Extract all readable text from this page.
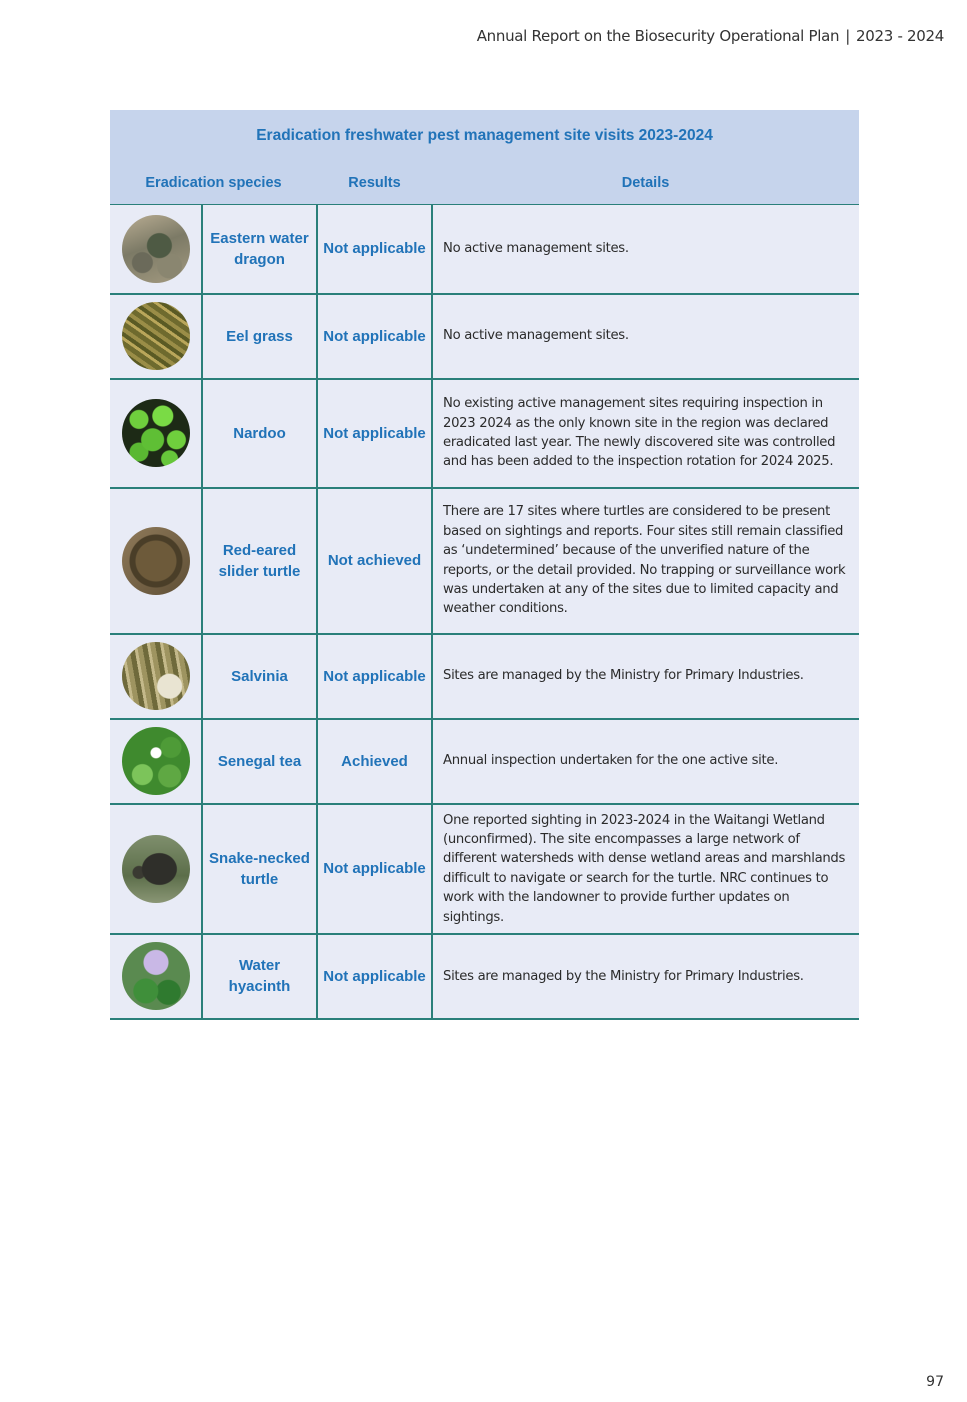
Annual Report on the Biosecurity Operational Plan | 2023 - 2024
Eradication freshwater pest management site visits 2023-2024			
Eradication species		Results	Details
	Eastern water dragon	Not applicable	No active management sites.
	Eel grass	Not applicable	No active management sites.
	Nardoo	Not applicable	No existing active management sites requiring inspection in 2023 2024 as the only known site in the region was declared eradicated last year. The newly discovered site was controlled and has been added to the inspection rotation for 2024 2025.
	Red-eared slider turtle	Not achieved	There are 17 sites where turtles are considered to be present based on sightings and reports. Four sites still remain classified as ‘undetermined’ because of the unverified nature of the reports, or the detail provided. No trapping or surveillance work was undertaken at any of the sites due to limited capacity and weather conditions.
	Salvinia	Not applicable	Sites are managed by the Ministry for Primary Industries.
	Senegal tea	Achieved	Annual inspection undertaken for the one active site.
	Snake-necked turtle	Not applicable	One reported sighting in 2023-2024 in the Waitangi Wetland (unconfirmed). The site encompasses a large network of different watersheds with dense wetland areas and marshlands difficult to navigate or search for the turtle. NRC continues to work with the landowner to provide further updates on sightings.
	Water hyacinth	Not applicable	Sites are managed by the Ministry for Primary Industries.
97
